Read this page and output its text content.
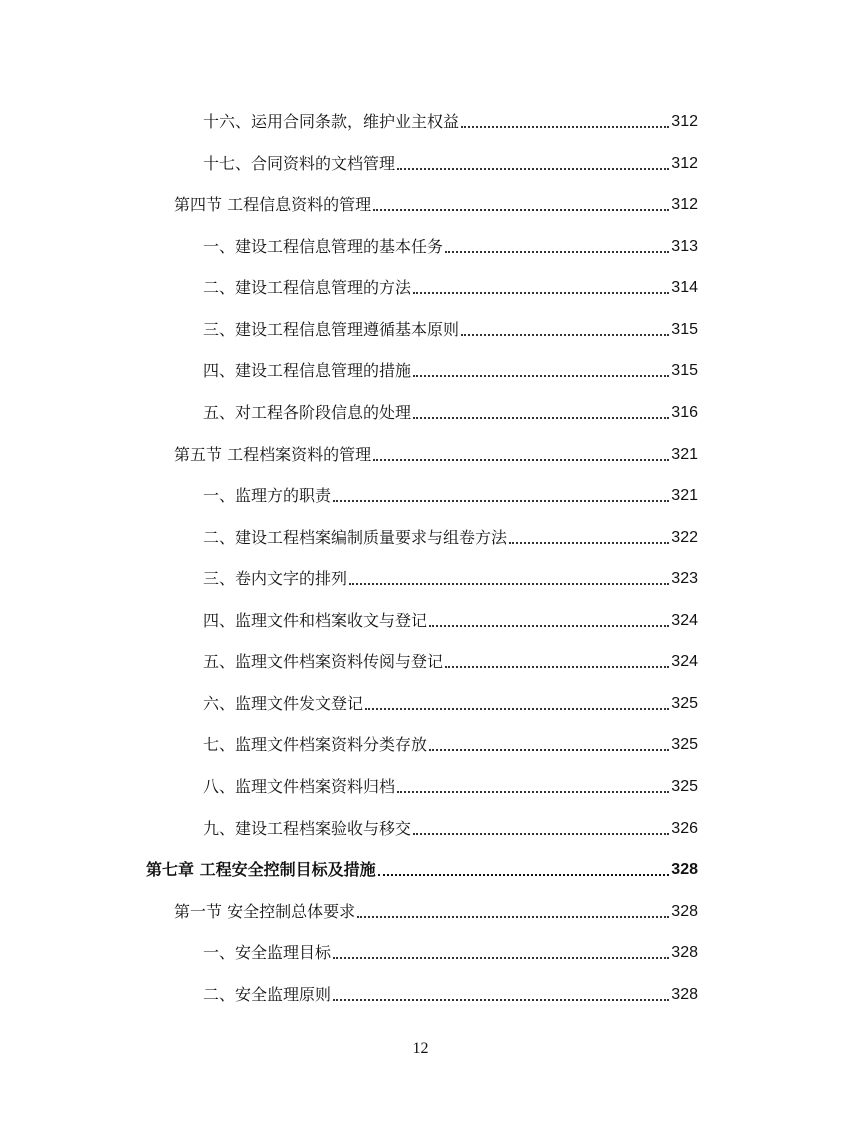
十六、运用合同条款，维护业主权益	312
十七、合同资料的文档管理	312
第四节 工程信息资料的管理	312
一、建设工程信息管理的基本任务	313
二、建设工程信息管理的方法	314
三、建设工程信息管理遵循基本原则	315
四、建设工程信息管理的措施	315
五、对工程各阶段信息的处理	316
第五节 工程档案资料的管理	321
一、监理方的职责	321
二、建设工程档案编制质量要求与组卷方法	322
三、卷内文字的排列	323
四、监理文件和档案收文与登记	324
五、监理文件档案资料传阅与登记	324
六、监理文件发文登记	325
七、监理文件档案资料分类存放	325
八、监理文件档案资料归档	325
九、建设工程档案验收与移交	326
第七章 工程安全控制目标及措施	328
第一节 安全控制总体要求	328
一、安全监理目标	328
二、安全监理原则	328
12
